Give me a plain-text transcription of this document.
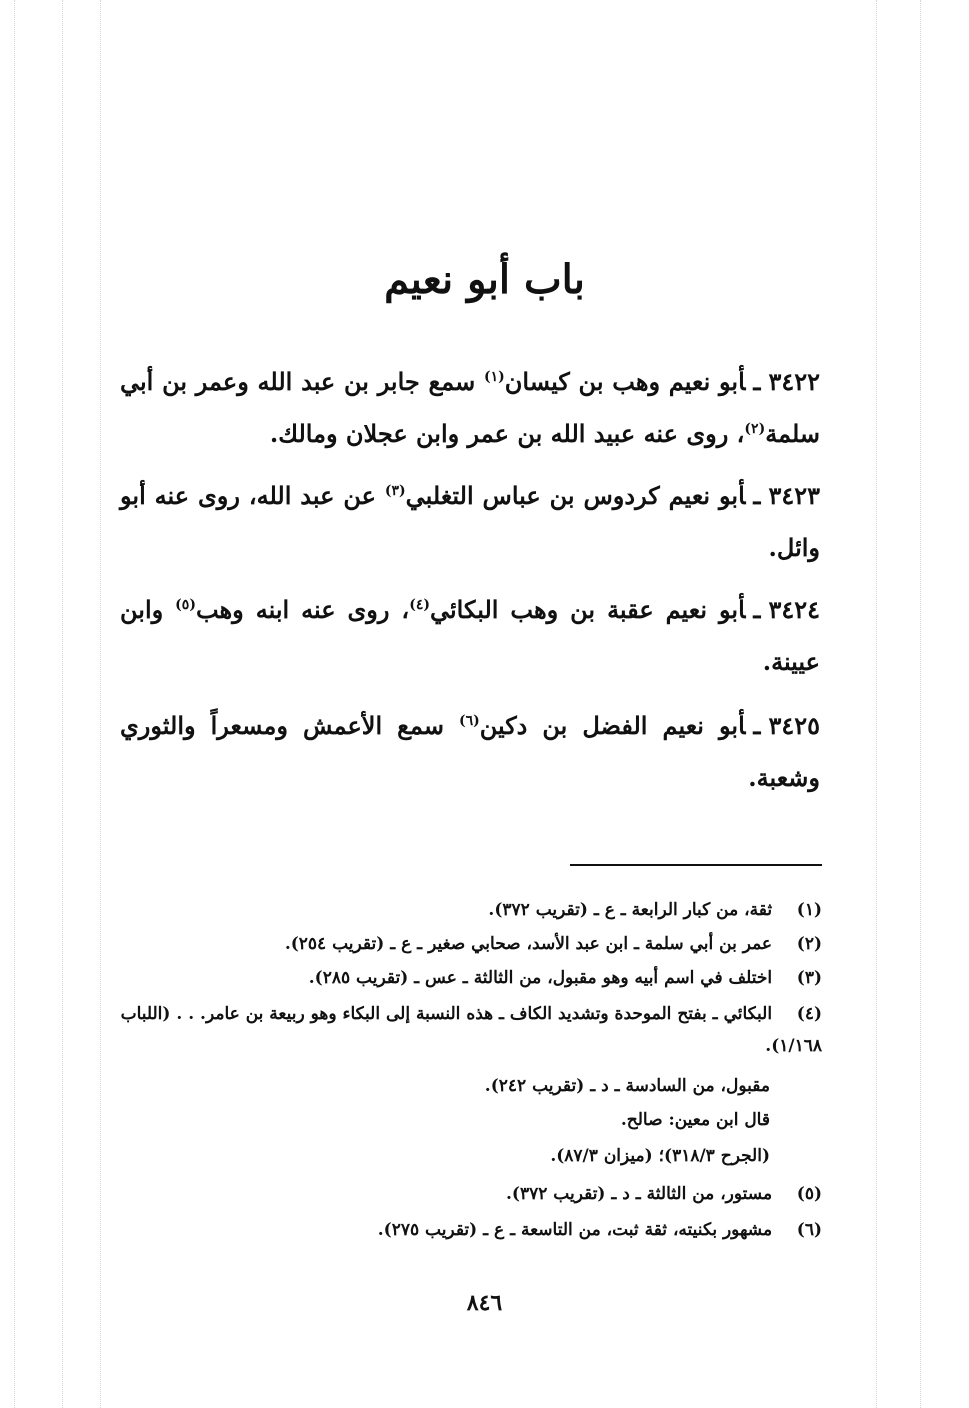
باب أبو نعيم
٣٤٢٢ـأبو نعيم وهب بن كيسان$^{(١)}$ سمع جابر بن عبد الله وعمر بن أبي سلمة$^{(٢)}$، روى عنه عبيد الله بن عمر وابن عجلان ومالك.
٣٤٢٣ـأبو نعيم كردوس بن عباس التغلبي$^{(٣)}$ عن عبد الله، روى عنه أبو وائل.
٣٤٢٤ـأبو نعيم عقبة بن وهب البكائي$^{(٤)}$، روى عنه ابنه وهب$^{(٥)}$ وابن عيينة.
٣٤٢٥ـأبو نعيم الفضل بن دكين$^{(٦)}$ سمع الأعمش ومسعراً والثوري وشعبة.
(١) ثقة، من كبار الرابعة ـ ع ـ (تقريب ٣٧٢).
(٢) عمر بن أبي سلمة ـ ابن عبد الأسد، صحابي صغير ـ ع ـ (تقريب ٢٥٤).
(٣) اختلف في اسم أبيه وهو مقبول، من الثالثة ـ عس ـ (تقريب ٢٨٥).
(٤) البكائي ـ بفتح الموحدة وتشديد الكاف ـ هذه النسبة إلى البكاء وهو ربيعة بن عامر. . . (اللباب ١/١٦٨).
مقبول، من السادسة ـ د ـ (تقريب ٢٤٢).
قال ابن معين: صالح.
(الجرح ٣١٨/٣)؛ (ميزان ٨٧/٣).
(٥) مستور، من الثالثة ـ د ـ (تقريب ٣٧٢).
(٦) مشهور بكنيته، ثقة ثبت، من التاسعة ـ ع ـ (تقريب ٢٧٥).
٨٤٦
